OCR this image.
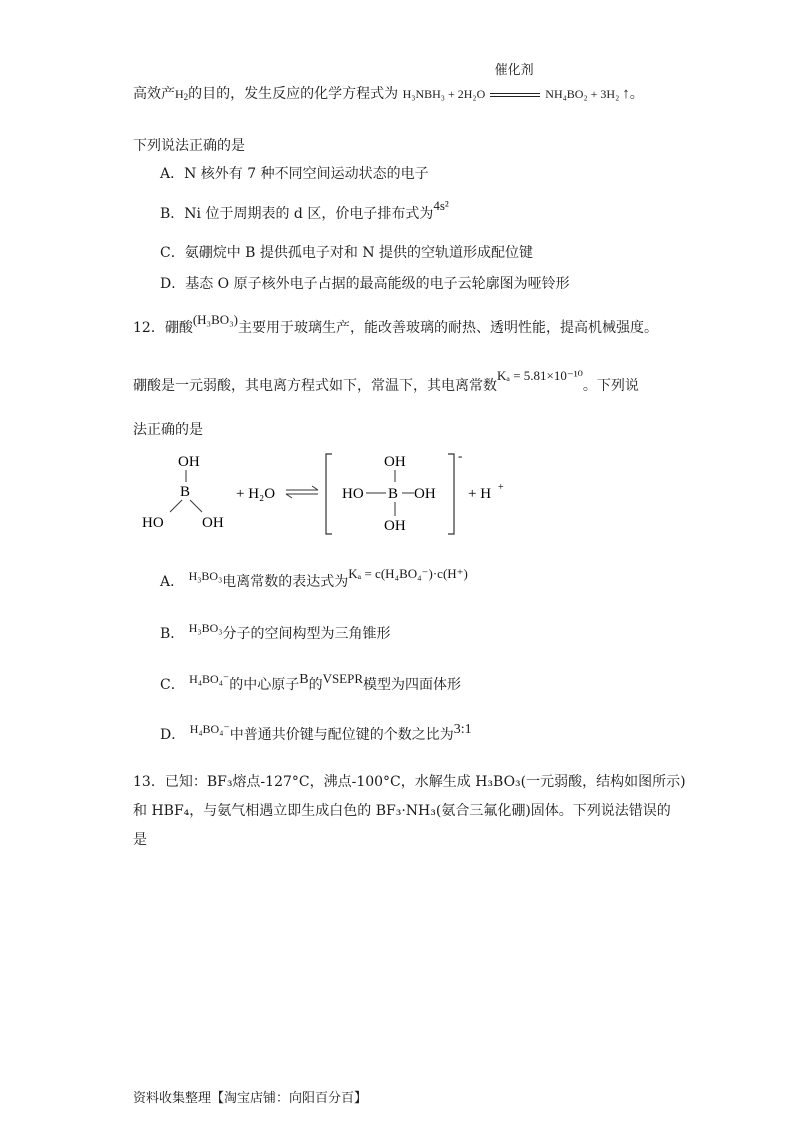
高效产$H_2$的目的，发生反应的化学方程式为 H₃NBH₃ + 2H₂O
催化剂
NH₄BO₂ + 3H₂ ↑。
下列说法正确的是
A．N 核外有 7 种不同空间运动状态的电子
B．Ni 位于周期表的 d 区，价电子排布式为4s²
C．氨硼烷中 B 提供孤电子对和 N 提供的空轨道形成配位键
D．基态 O 原子核外电子占据的最高能级的电子云轮廓图为哑铃形
12．硼酸(H₃BO₃)主要用于玻璃生产，能改善玻璃的耐热、透明性能，提高机械强度。
硼酸是一元弱酸，其电离方程式如下，常温下，其电离常数Kₐ = 5.81×10⁻¹⁰。下列说
法正确的是
OH
B
HO	OH
+ H₂O
OH
HO B OH
OH
-
+ H +
A． H₃BO₃电离常数的表达式为Kₐ = c(H₄BO₄⁻)·c(H⁺)
B． H₃BO₃分子的空间构型为三角锥形
C． H₄BO₄⁻的中心原子B的VSEPR模型为四面体形
D． H₄BO₄⁻中普通共价键与配位键的个数之比为3:1
13．已知：BF₃熔点-127°C，沸点-100°C，水解生成 H₃BO₃(一元弱酸，结构如图所示)
和 HBF₄，与氨气相遇立即生成白色的 BF₃·NH₃(氨合三氟化硼)固体。下列说法错误的
是
资料收集整理【淘宝店铺：向阳百分百】
